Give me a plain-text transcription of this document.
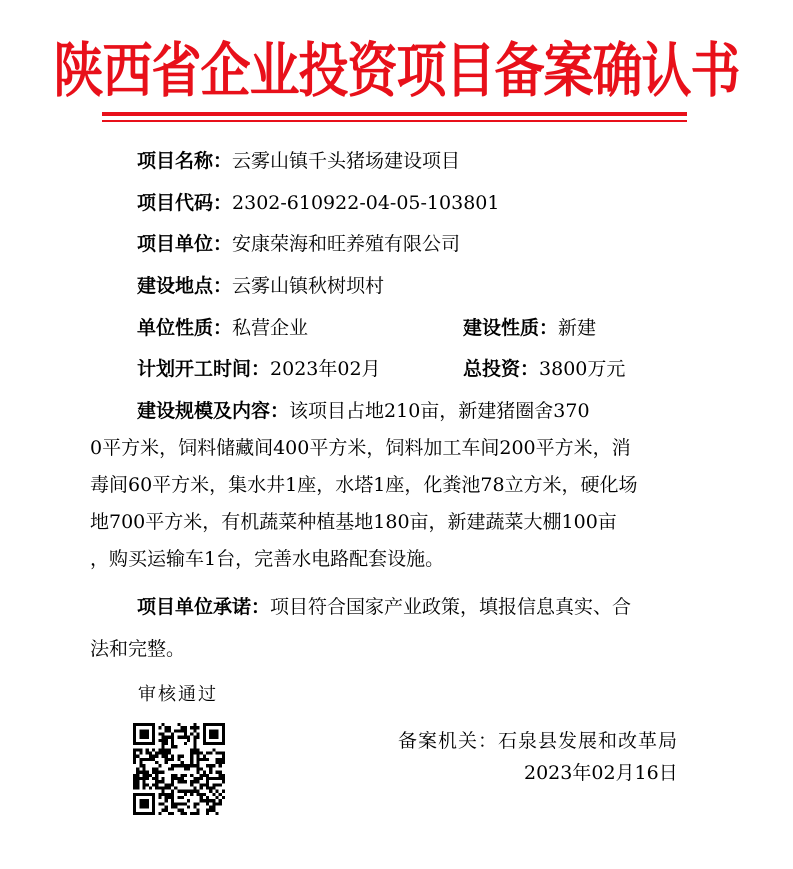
陕西省企业投资项目备案确认书
项目名称：云雾山镇千头猪场建设项目
项目代码：2302-610922-04-05-103801
项目单位：安康荣海和旺养殖有限公司
建设地点：云雾山镇秋树坝村
单位性质：私营企业	建设性质：新建
计划开工时间：2023年02月	总投资：3800万元
建设规模及内容：该项目占地210亩，新建猪圈舍370
0平方米，饲料储藏间400平方米，饲料加工车间200平方米，消
毒间60平方米，集水井1座，水塔1座，化粪池78立方米，硬化场
地700平方米，有机蔬菜种植基地180亩，新建蔬菜大棚100亩
，购买运输车1台，完善水电路配套设施。
项目单位承诺：项目符合国家产业政策，填报信息真实、合
法和完整。
审核通过
备案机关：石泉县发展和改革局
2023年02月16日
